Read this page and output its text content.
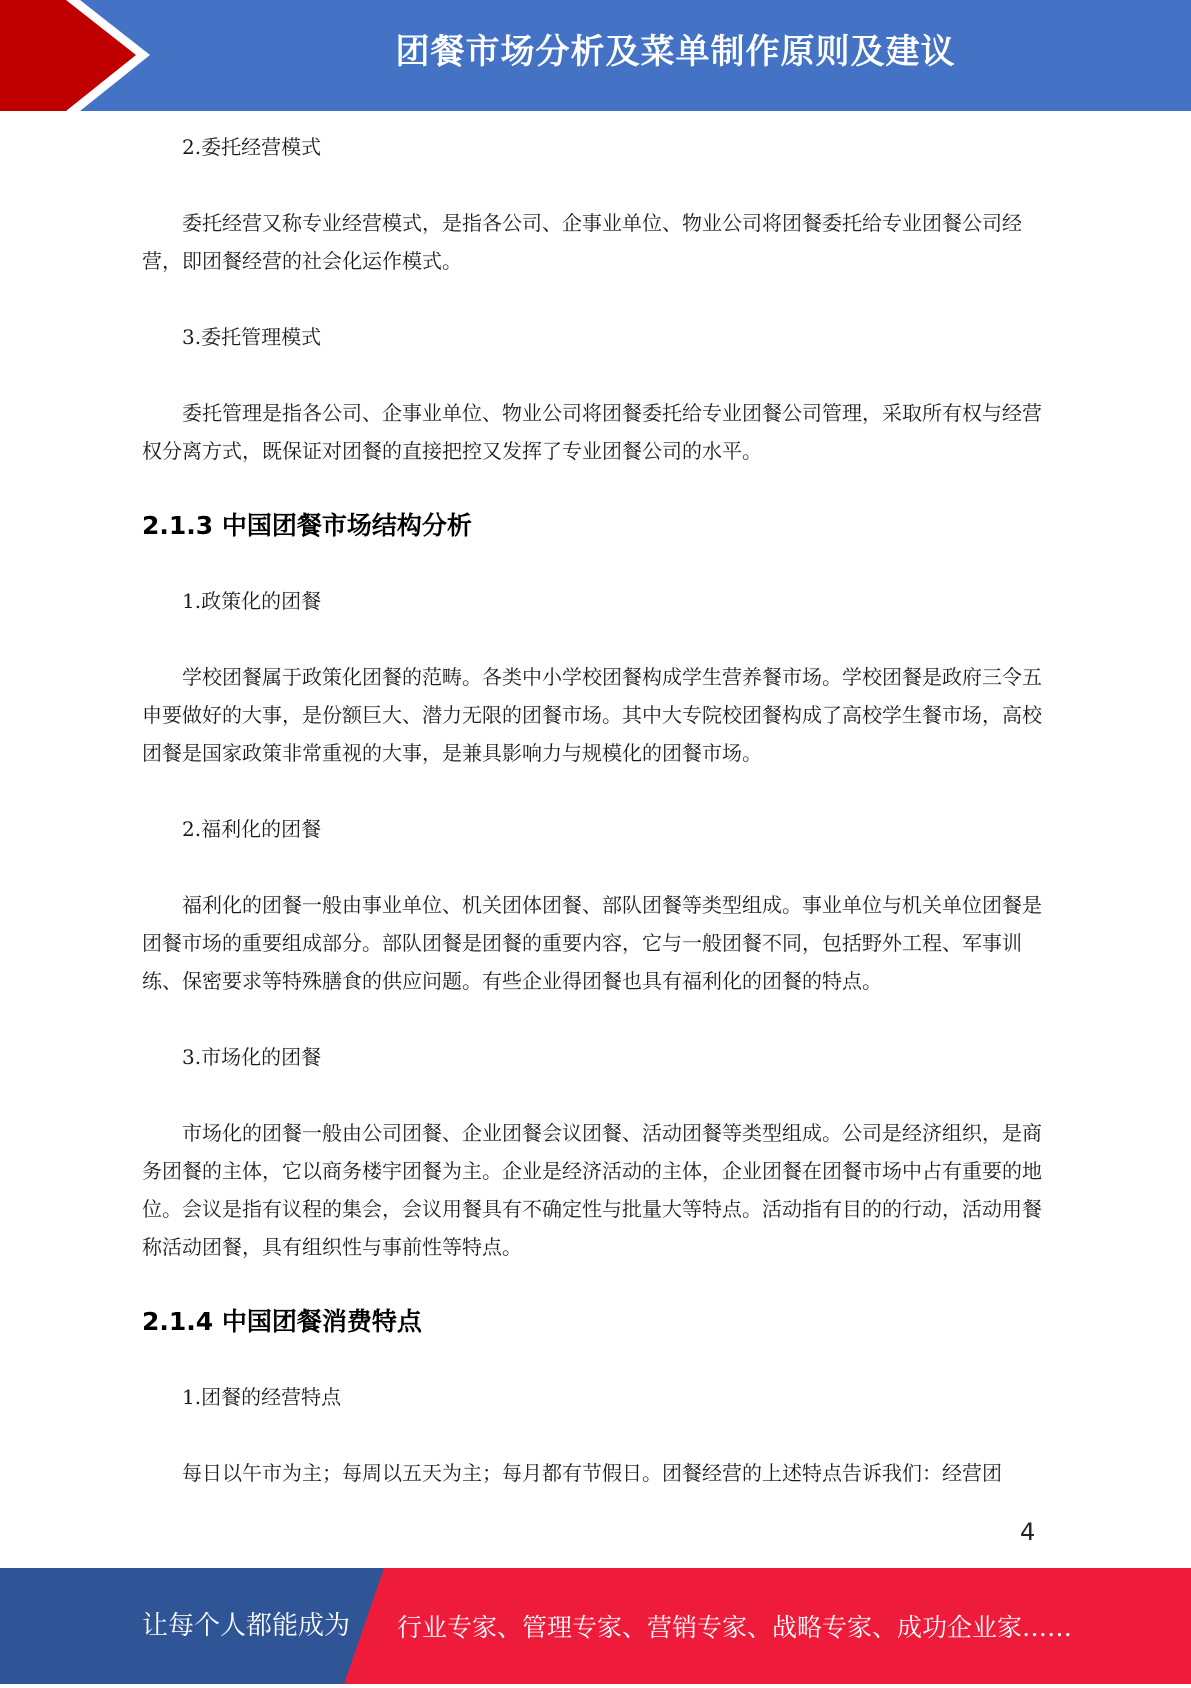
团餐市场分析及菜单制作原则及建议

2.委托经营模式

委托经营又称专业经营模式，是指各公司、企事业单位、物业公司将团餐委托给专业团餐公司经营，即团餐经营的社会化运作模式。

3.委托管理模式

委托管理是指各公司、企事业单位、物业公司将团餐委托给专业团餐公司管理，采取所有权与经营权分离方式，既保证对团餐的直接把控又发挥了专业团餐公司的水平。

2.1.3 中国团餐市场结构分析

1.政策化的团餐

学校团餐属于政策化团餐的范畴。各类中小学校团餐构成学生营养餐市场。学校团餐是政府三令五申要做好的大事，是份额巨大、潜力无限的团餐市场。其中大专院校团餐构成了高校学生餐市场，高校团餐是国家政策非常重视的大事，是兼具影响力与规模化的团餐市场。

2.福利化的团餐

福利化的团餐一般由事业单位、机关团体团餐、部队团餐等类型组成。事业单位与机关单位团餐是团餐市场的重要组成部分。部队团餐是团餐的重要内容，它与一般团餐不同，包括野外工程、军事训练、保密要求等特殊膳食的供应问题。有些企业得团餐也具有福利化的团餐的特点。

3.市场化的团餐

市场化的团餐一般由公司团餐、企业团餐会议团餐、活动团餐等类型组成。公司是经济组织，是商务团餐的主体，它以商务楼宇团餐为主。企业是经济活动的主体，企业团餐在团餐市场中占有重要的地位。会议是指有议程的集会，会议用餐具有不确定性与批量大等特点。活动指有目的的行动，活动用餐称活动团餐，具有组织性与事前性等特点。

2.1.4 中国团餐消费特点

1.团餐的经营特点

每日以午市为主；每周以五天为主；每月都有节假日。团餐经营的上述特点告诉我们：经营团

4
让每个人都能成为 行业专家、管理专家、营销专家、战略专家、成功企业家……
